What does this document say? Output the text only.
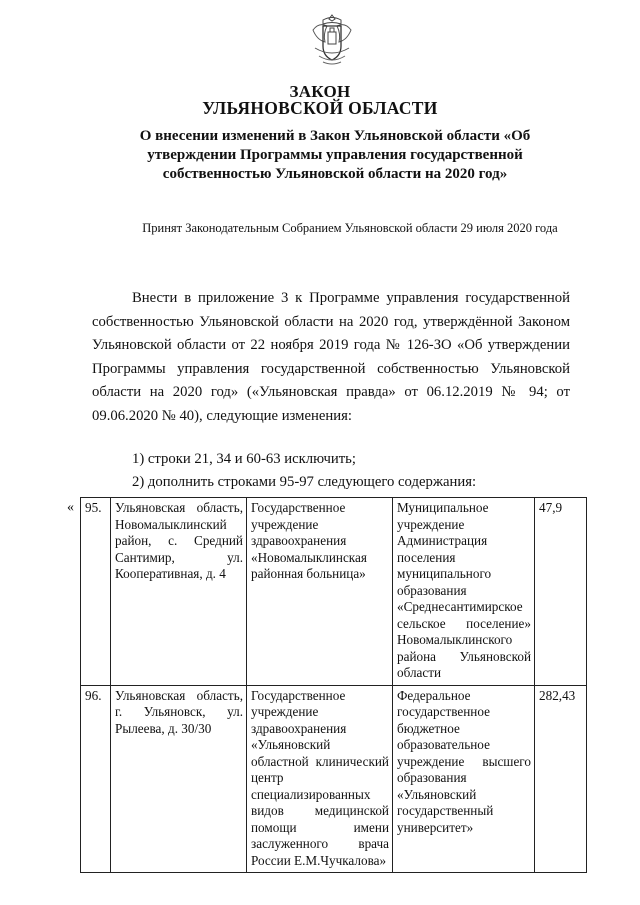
ЗАКОН
УЛЬЯНОВСКОЙ ОБЛАСТИ
О внесении изменений в Закон Ульяновской области «Об утверждении Программы управления государственной собственностью Ульяновской области на 2020 год»
Принят Законодательным Собранием Ульяновской области 29 июля 2020 года
Внести в приложение 3 к Программе управления государственной собственностью Ульяновской области на 2020 год, утверждённой Законом Ульяновской области от 22 ноября 2019 года № 126-ЗО «Об утверждении Программы управления государственной собственностью Ульяновской области на 2020 год» («Ульяновская правда» от 06.12.2019 № 94; от 09.06.2020 № 40), следующие изменения:
1) строки 21, 34 и 60-63 исключить;
2) дополнить строками 95-97 следующего содержания:
« 95.	Ульяновская область, Новомалыклинский район, с. Средний Сантимир, ул. Кооперативная, д. 4	Государственное учреждение здравоохранения «Новомалыклинская районная больница»	Муниципальное учреждение Администрация поселения муниципального образования «Среднесантимирское сельское поселение» Новомалыклинского района Ульяновской области	47,9
96.	Ульяновская область, г. Ульяновск, ул. Рылеева, д. 30/30	Государственное учреждение здравоохранения «Ульяновский областной клинический центр специализированных видов медицинской помощи имени заслуженного врача России Е.М.Чучкалова»	Федеральное государственное бюджетное образовательное учреждение высшего образования «Ульяновский государственный университет»	282,43
